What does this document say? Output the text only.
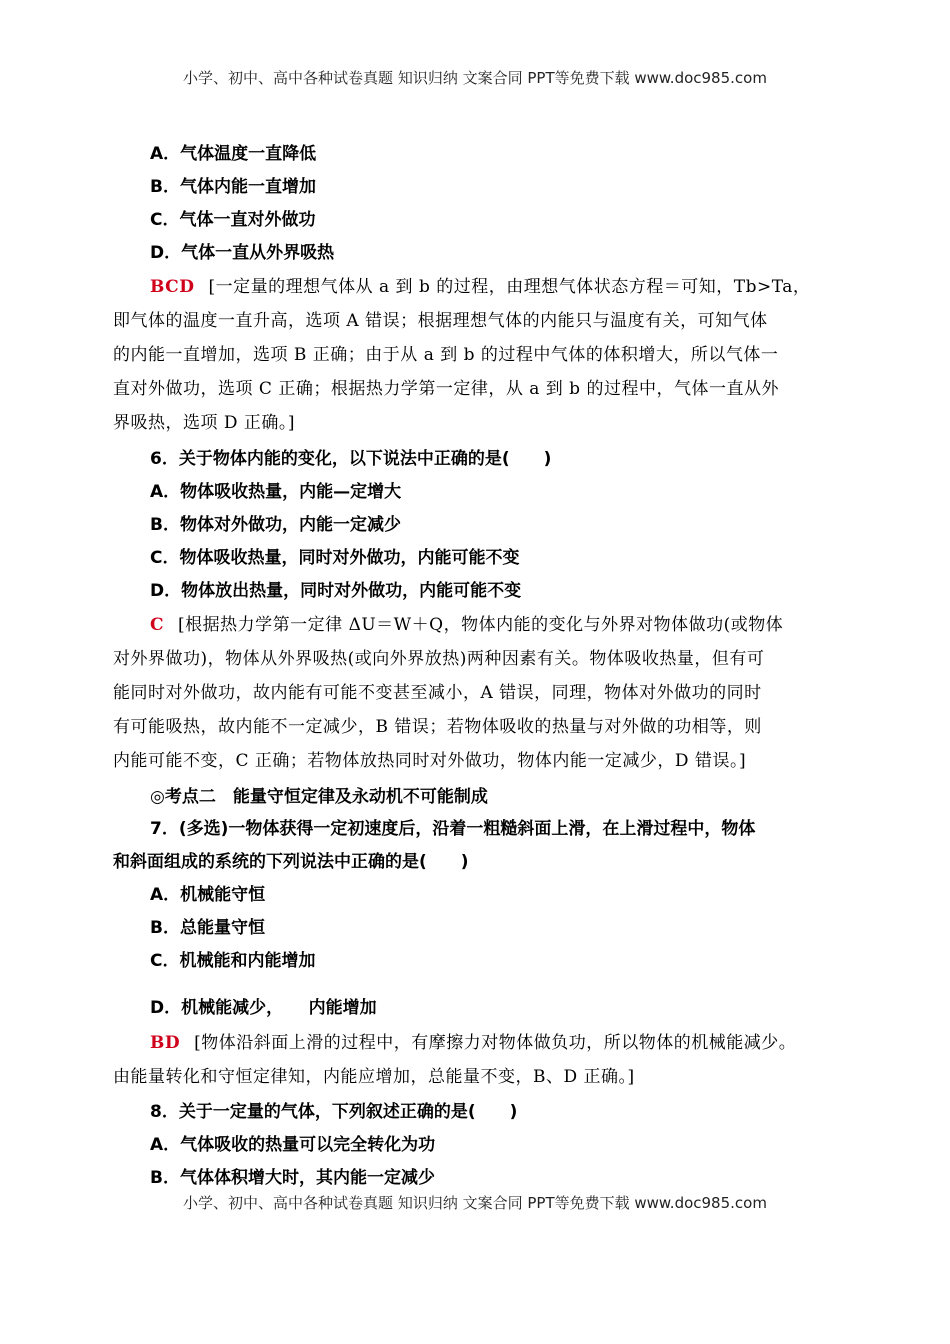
小学、初中、高中各种试卷真题 知识归纳 文案合同 PPT等免费下载 www.doc985.com
A．气体温度一直降低
B．气体内能一直增加
C．气体一直对外做功
D．气体一直从外界吸热
BCD [一定量的理想气体从 a 到 b 的过程，由理想气体状态方程＝可知，Tb>Ta，
即气体的温度一直升高，选项 A 错误；根据理想气体的内能只与温度有关，可知气体
的内能一直增加，选项 B 正确；由于从 a 到 b 的过程中气体的体积增大，所以气体一
直对外做功，选项 C 正确；根据热力学第一定律，从 a 到 b 的过程中，气体一直从外
界吸热，选项 D 正确。]
6．关于物体内能的变化，以下说法中正确的是(　　)
A．物体吸收热量，内能—定增大
B．物体对外做功，内能一定减少
C．物体吸收热量，同时对外做功，内能可能不变
D．物体放出热量，同时对外做功，内能可能不变
C [根据热力学第一定律 ΔU＝W＋Q，物体内能的变化与外界对物体做功(或物体
对外界做功)，物体从外界吸热(或向外界放热)两种因素有关。物体吸收热量，但有可
能同时对外做功，故内能有可能不变甚至减小，A 错误，同理，物体对外做功的同时
有可能吸热，故内能不一定减少，B 错误；若物体吸收的热量与对外做的功相等，则
内能可能不变，C 正确；若物体放热同时对外做功，物体内能一定减少，D 错误。]
◎考点二　能量守恒定律及永动机不可能制成
7．(多选)一物体获得一定初速度后，沿着一粗糙斜面上滑，在上滑过程中，物体
和斜面组成的系统的下列说法中正确的是(　　)
A．机械能守恒
B．总能量守恒
C．机械能和内能增加
D．机械能减少，　　内能增加
BD [物体沿斜面上滑的过程中，有摩擦力对物体做负功，所以物体的机械能减少。
由能量转化和守恒定律知，内能应增加，总能量不变，B、D 正确。]
8．关于一定量的气体，下列叙述正确的是(　　)
A．气体吸收的热量可以完全转化为功
B．气体体积增大时，其内能一定减少
小学、初中、高中各种试卷真题 知识归纳 文案合同 PPT等免费下载 www.doc985.com
